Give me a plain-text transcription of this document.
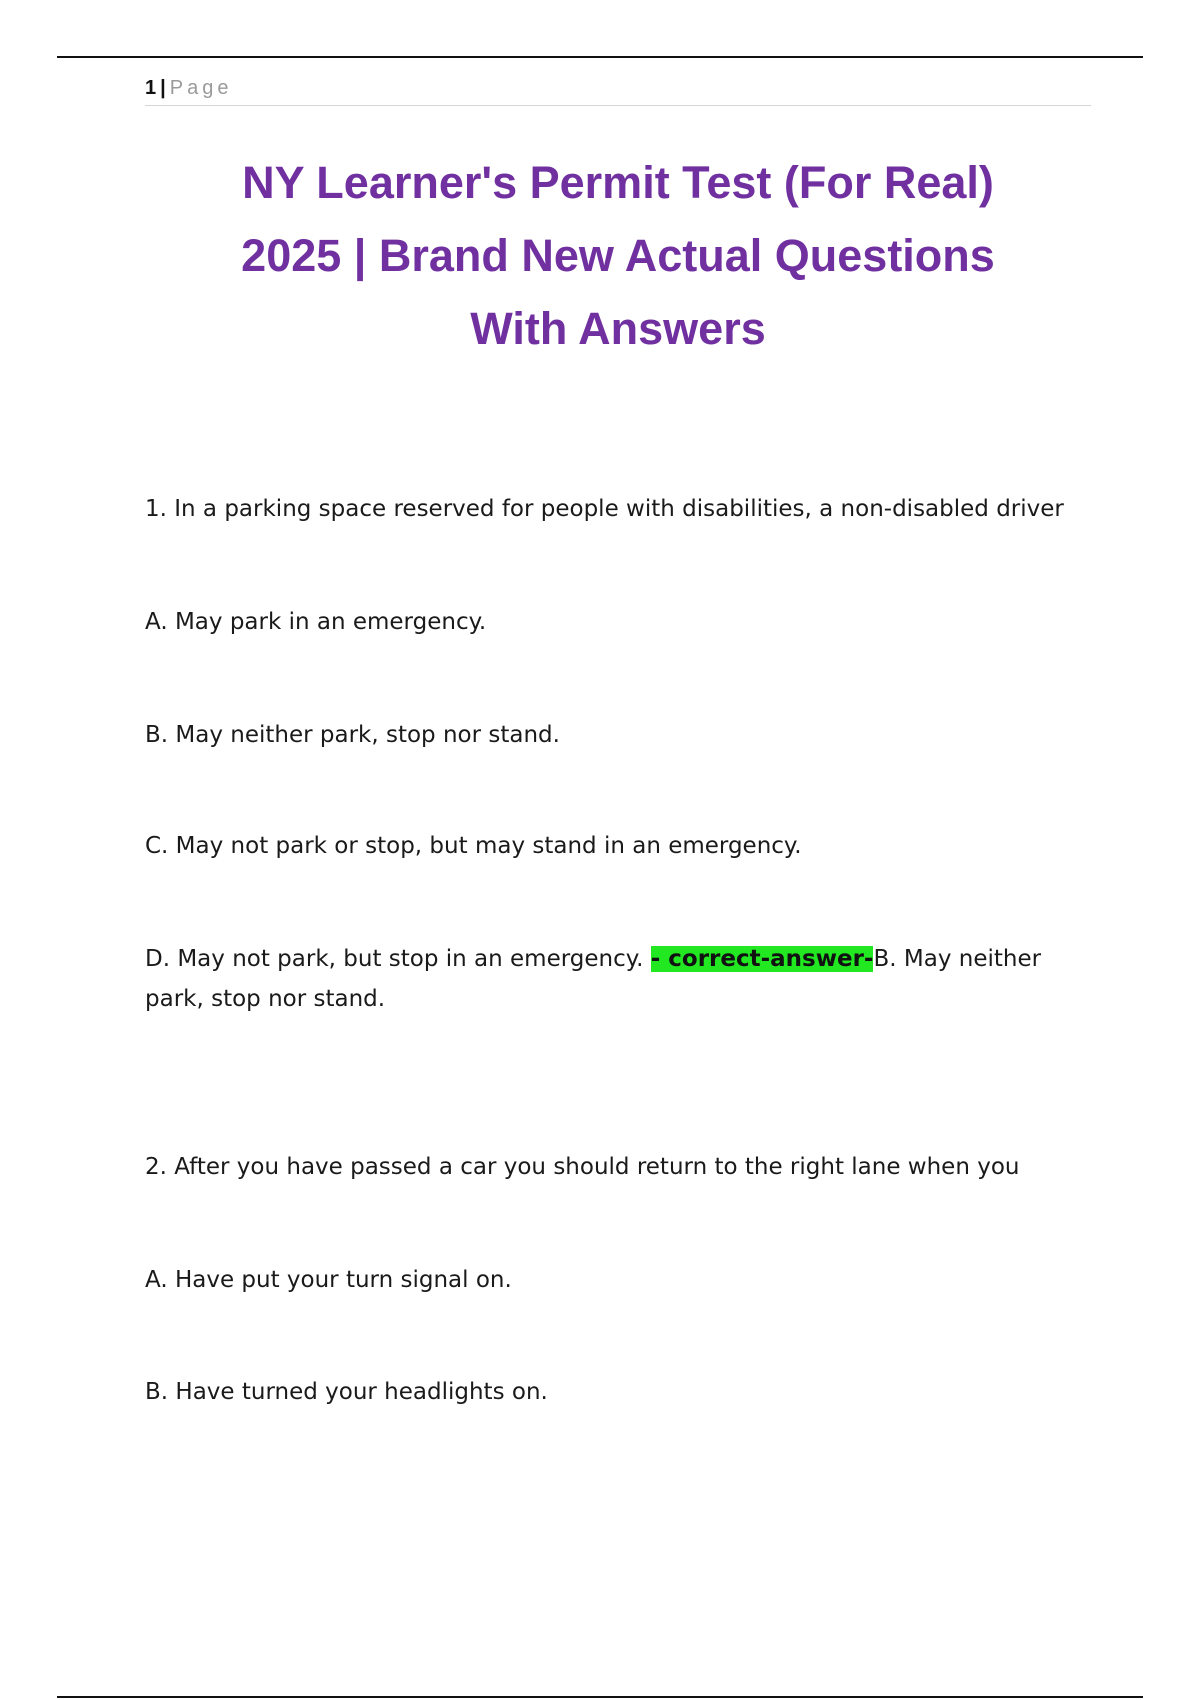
1 | Page
NY Learner's Permit Test (For Real)
2025 | Brand New Actual Questions
With Answers

1. In a parking space reserved for people with disabilities, a non-disabled driver

A. May park in an emergency.

B. May neither park, stop nor stand.

C. May not park or stop, but may stand in an emergency.

D. May not park, but stop in an emergency. - correct-answer-B. May neither park, stop nor stand.

2. After you have passed a car you should return to the right lane when you

A. Have put your turn signal on.

B. Have turned your headlights on.
